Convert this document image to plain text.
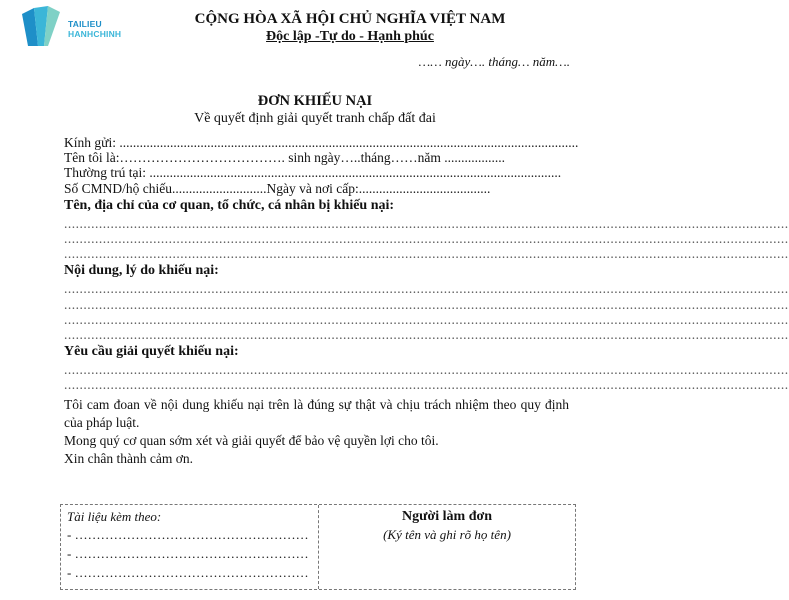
TAILIEU
HANHCHINH
CỘNG HÒA XÃ HỘI CHỦ NGHĨA VIỆT NAM
Độc lập -Tự do - Hạnh phúc
…… ngày…. tháng… năm….
ĐƠN KHIẾU NẠI
Về quyết định giải quyết tranh chấp đất đai
Kính gửi: ........................................................................................................................................
Tên tôi là:………………………………. sinh ngày…..tháng……năm ..................
Thường trú tại: ..........................................................................................................................
Số CMND/hộ chiếu............................Ngày và nơi cấp:.......................................
Tên, địa chỉ của cơ quan, tổ chức, cá nhân bị khiếu nại:
...........................................................................................................................................................................................
...........................................................................................................................................................................................
...........................................................................................................................................................................................
Nội dung, lý do khiếu nại:
...........................................................................................................................................................................................
...........................................................................................................................................................................................
...........................................................................................................................................................................................
...........................................................................................................................................................................................
Yêu cầu giải quyết khiếu nại:
...........................................................................................................................................................................................
...........................................................................................................................................................................................
Tôi cam đoan về nội dung khiếu nại trên là đúng sự thật và chịu trách nhiệm theo quy định của pháp luật.
Mong quý cơ quan sớm xét và giải quyết để bảo vệ quyền lợi cho tôi.
Xin chân thành cảm ơn.
Tài liệu kèm theo:
- ………………………………………………
- ………………………………………………
- ………………………………………………
Người làm đơn
(Ký tên và ghi rõ họ tên)
